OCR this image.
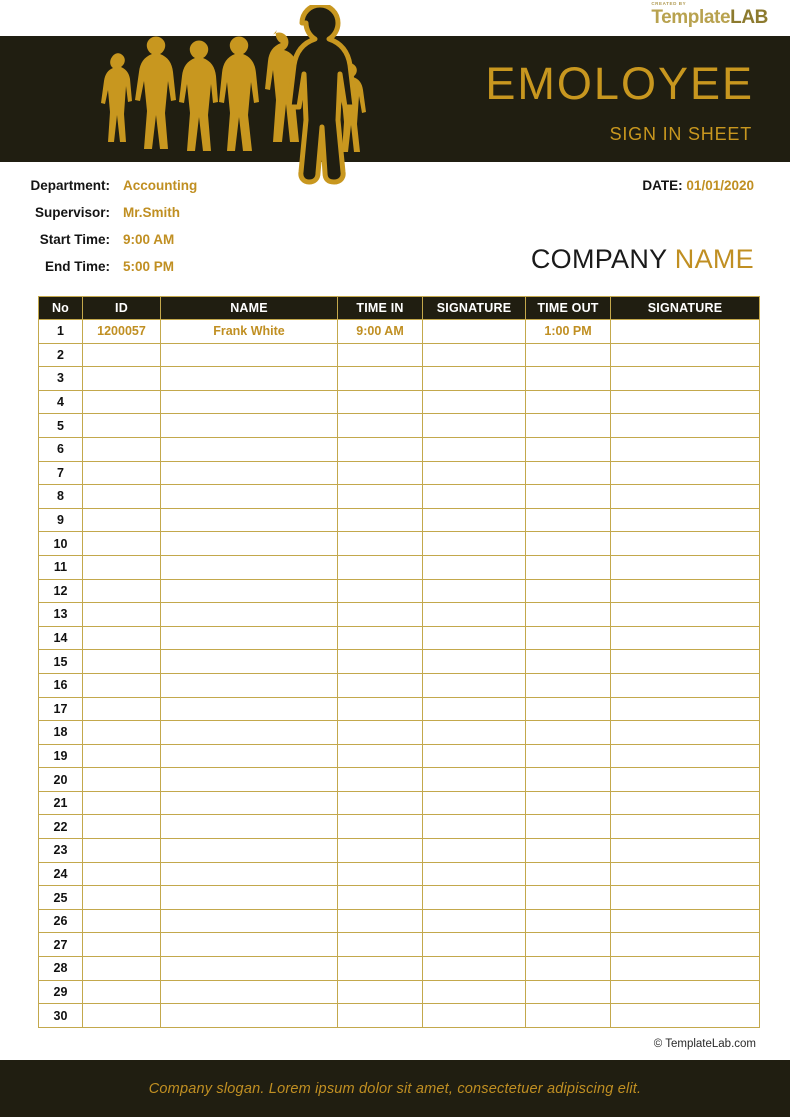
CREATED BY
TemplateLAB
EMOLOYEE
SIGN IN SHEET
Department: Accounting
Supervisor: Mr.Smith
Start Time: 9:00 AM
End Time: 5:00 PM
DATE: 01/01/2020
COMPANY NAME
No	ID	NAME	TIME IN	SIGNATURE	TIME OUT	SIGNATURE
1	1200057	Frank White	9:00 AM		1:00 PM	
2						
3						
4						
5						
6						
7						
8						
9						
10						
11						
12						
13						
14						
15						
16						
17						
18						
19						
20						
21						
22						
23						
24						
25						
26						
27						
28						
29						
30						
© TemplateLab.com
Company slogan. Lorem ipsum dolor sit amet, consectetuer adipiscing elit.
